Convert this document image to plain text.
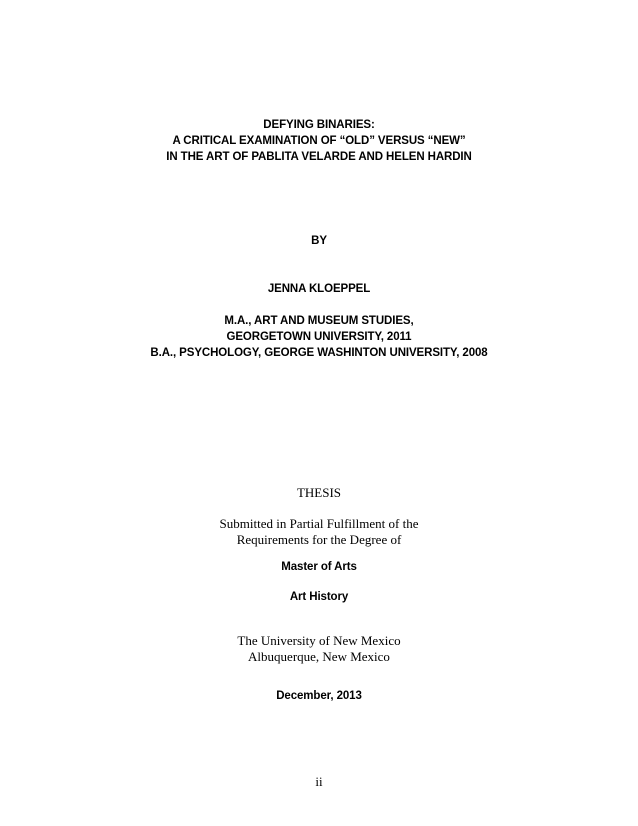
DEFYING BINARIES:

A CRITICAL EXAMINATION OF “OLD” VERSUS “NEW”

IN THE ART OF PABLITA VELARDE AND HELEN HARDIN

BY

JENNA KLOEPPEL

M.A., ART AND MUSEUM STUDIES,

GEORGETOWN UNIVERSITY, 2011

B.A., PSYCHOLOGY, GEORGE WASHINTON UNIVERSITY, 2008

THESIS

Submitted in Partial Fulfillment of the

Requirements for the Degree of

Master of Arts

Art History

The University of New Mexico

Albuquerque, New Mexico

December, 2013

ii
